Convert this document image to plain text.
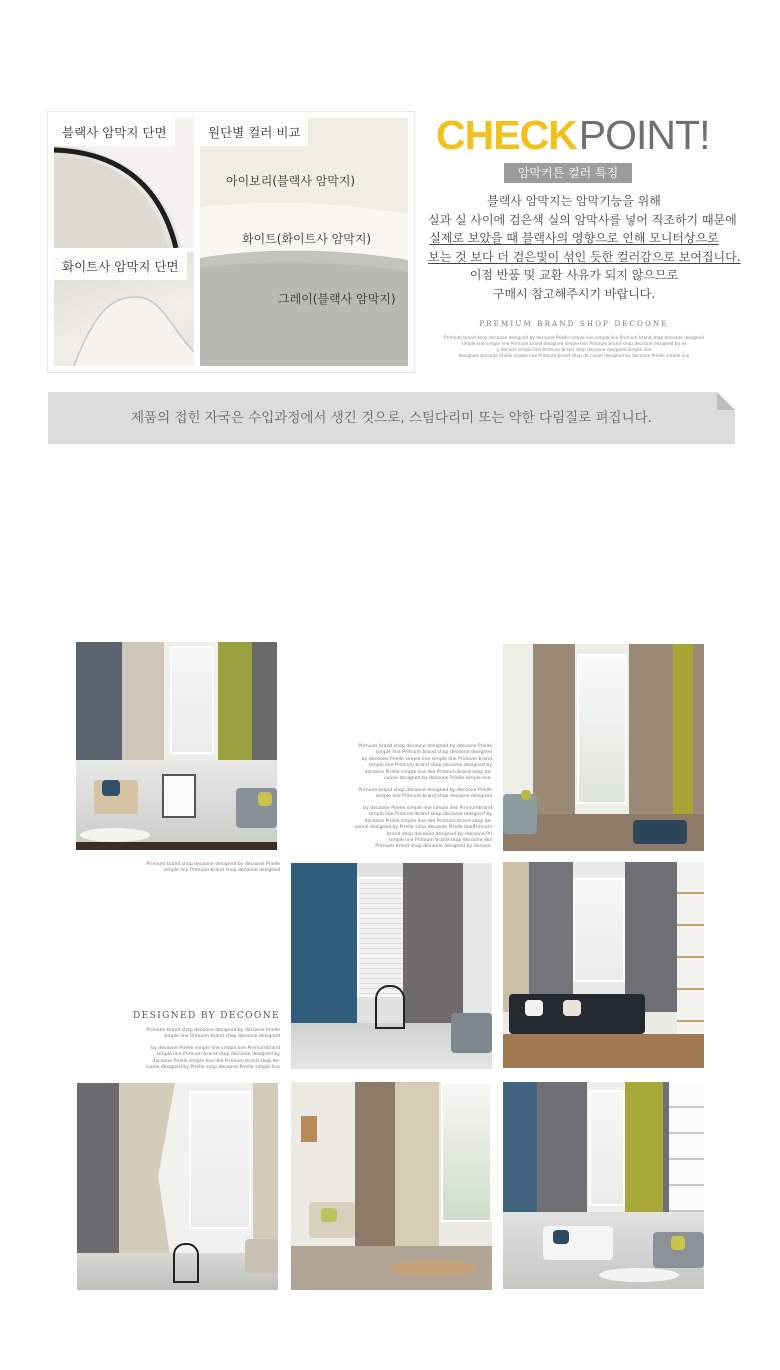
블랙사 암막지 단면
화이트사 암막지 단면
원단별 컬러 비교
아이보리(블랙사 암막지)
화이트(화이트사 암막지)
그레이(블랙사 암막지)
CHECKPOINT!
암막커튼 컬러 특징
블랙사 암막지는 암막기능을 위해
실과 실 사이에 검은색 실의 암막사를 넣어 직조하기 때문에
실제로 보았을 때 블랙사의 영향으로 인해 모니터상으로
보는 것 보다 더 검은빛이 섞인 듯한 컬러감으로 보여집니다.
이점 반품 및 교환 사유가 되지 않으므로
구매시 참고해주시기 바랍니다.
PREMIUM BRAND SHOP DECOONE
Primium brand shop decoone designed by decoone Prielle simple line simple line Primium brand shop decoone designed
simple line simple line Primium brand designed simple line Primium brand shop decoone designed by ex
y decoon simple line Primium brand shop decoone designed simple line
designed decoone Prielle simple line Primium brand shop de coone designed by decoone Prielle simple line
제품의 접힌 자국은 수입과정에서 생긴 것으로, 스팀다리미 또는 약한 다림질로 펴집니다.
Primium brand shop decoone designed by decoone Prielle
simple line Primium brand shop decoone designed
by decoone Prielle simple line simple line Primium brand
simple line Primium brand shop decoone designed by
decoone Prielle simple line like Primium brand shop de-
coone designed by decoone Prielle simple line.
Primium brand shop decoone designed by decoone Prielle
simple line Primium brand shop decoone designed
by decoone Prielle simple line simple line Primiumbrand
simple line Primium brand shop decoone designed by
decoone Prielle simple line like Primium brand shop de-
coone designed by Prielle simp decoone Prielle lineRrimium
brand shop decoone designed by decoone Pri
simple line Primium brand shop decoone des
Primium brand shop decoone designed by decoon.
Primium brand shop decoone designed by decoone Prielle
simple line Primium brand shop decoone designed
DESIGNED BY DECOONE
Primium brand shop decoone designed by decoone Prielle
simple line Primium brand shop decoone designed
by decoone Prielle simple line simple line Primiumbrand
simple line Primium brand shop decoone designed by
decoone Prielle simple line like Primium brand shop de-
coone designed by Prielle simp decoone Prielle simple line
